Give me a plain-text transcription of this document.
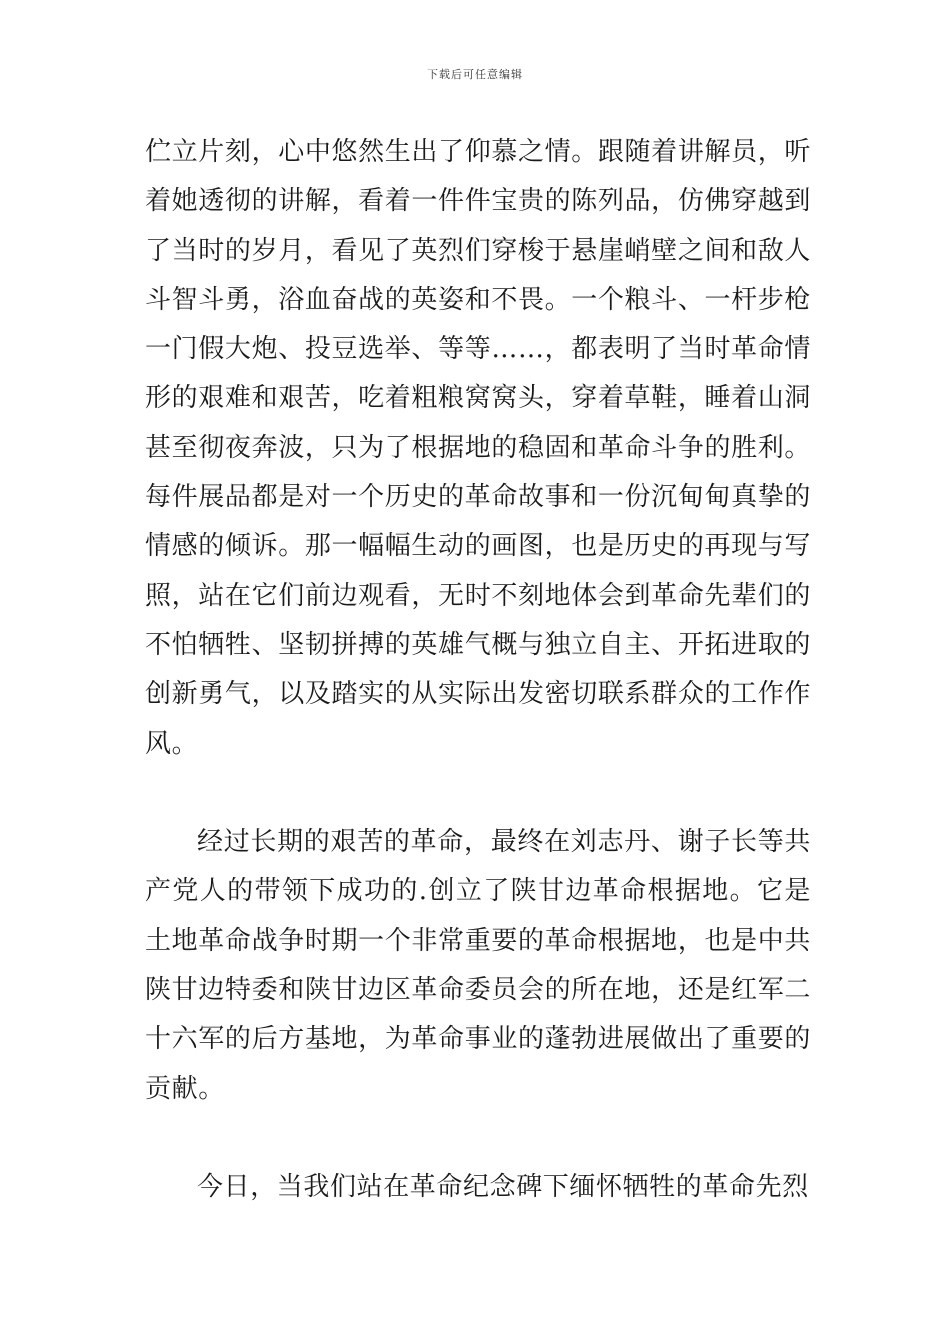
下载后可任意编辑

伫立片刻，心中悠然生出了仰慕之情。跟随着讲解员，听着她透彻的讲解，看着一件件宝贵的陈列品，仿佛穿越到了当时的岁月，看见了英烈们穿梭于悬崖峭壁之间和敌人斗智斗勇，浴血奋战的英姿和不畏。一个粮斗、一杆步枪一门假大炮、投豆选举、等等……，都表明了当时革命情形的艰难和艰苦，吃着粗粮窝窝头，穿着草鞋，睡着山洞甚至彻夜奔波，只为了根据地的稳固和革命斗争的胜利。每件展品都是对一个历史的革命故事和一份沉甸甸真挚的情感的倾诉。那一幅幅生动的画图，也是历史的再现与写照，站在它们前边观看，无时不刻地体会到革命先辈们的不怕牺牲、坚韧拼搏的英雄气概与独立自主、开拓进取的创新勇气，以及踏实的从实际出发密切联系群众的工作作风。

经过长期的艰苦的革命，最终在刘志丹、谢子长等共产党人的带领下成功的.创立了陕甘边革命根据地。它是土地革命战争时期一个非常重要的革命根据地，也是中共陕甘边特委和陕甘边区革命委员会的所在地，还是红军二十六军的后方基地，为革命事业的蓬勃进展做出了重要的贡献。

今日，当我们站在革命纪念碑下缅怀牺牲的革命先烈
